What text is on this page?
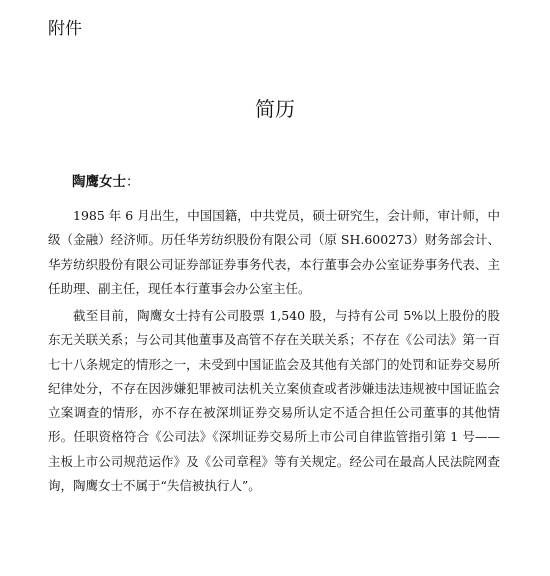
附件
简历
陶鹰女士：

1985 年 6 月出生，中国国籍，中共党员，硕士研究生，会计师，审计师，中级（金融）经济师。历任华芳纺织股份有限公司（原 SH.600273）财务部会计、华芳纺织股份有限公司证券部证券事务代表，本行董事会办公室证券事务代表、主任助理、副主任，现任本行董事会办公室主任。

截至目前，陶鹰女士持有公司股票 1,540 股，与持有公司 5%以上股份的股东无关联关系；与公司其他董事及高管不存在关联关系；不存在《公司法》第一百七十八条规定的情形之一，未受到中国证监会及其他有关部门的处罚和证券交易所纪律处分，不存在因涉嫌犯罪被司法机关立案侦查或者涉嫌违法违规被中国证监会立案调查的情形，亦不存在被深圳证券交易所认定不适合担任公司董事的其他情形。任职资格符合《公司法》《深圳证券交易所上市公司自律监管指引第 1 号——主板上市公司规范运作》及《公司章程》等有关规定。经公司在最高人民法院网查询，陶鹰女士不属于“失信被执行人”。
